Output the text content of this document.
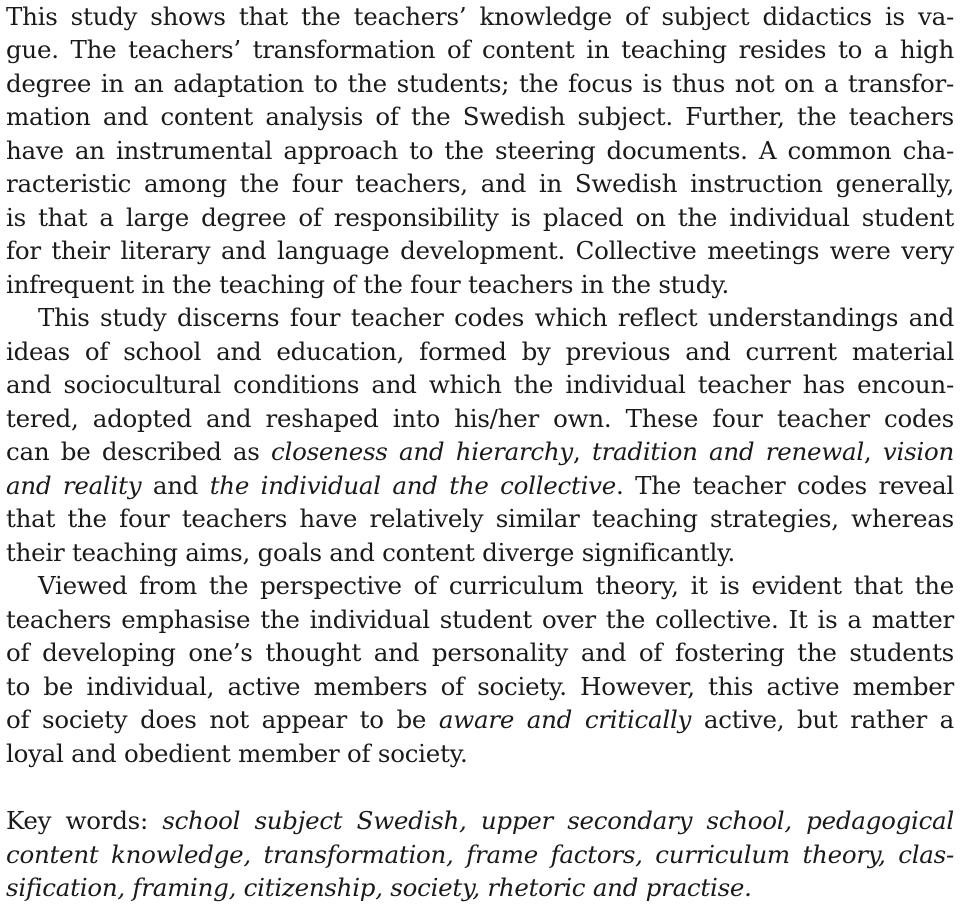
This study shows that the teachers’ knowledge of subject didactics is va-
gue. The teachers’ transformation of content in teaching resides to a high
degree in an adaptation to the students; the focus is thus not on a transfor-
mation and content analysis of the Swedish subject. Further, the teachers
have an instrumental approach to the steering documents. A common cha-
racteristic among the four teachers, and in Swedish instruction generally,
is that a large degree of responsibility is placed on the individual student
for their literary and language development. Collective meetings were very
infrequent in the teaching of the four teachers in the study.
This study discerns four teacher codes which reflect understandings and
ideas of school and education, formed by previous and current material
and sociocultural conditions and which the individual teacher has encoun-
tered, adopted and reshaped into his/her own. These four teacher codes
can be described as closeness and hierarchy, tradition and renewal, vision
and reality and the individual and the collective. The teacher codes reveal
that the four teachers have relatively similar teaching strategies, whereas
their teaching aims, goals and content diverge significantly.
Viewed from the perspective of curriculum theory, it is evident that the
teachers emphasise the individual student over the collective. It is a matter
of developing one’s thought and personality and of fostering the students
to be individual, active members of society. However, this active member
of society does not appear to be aware and critically active, but rather a
loyal and obedient member of society.
Key words: school subject Swedish, upper secondary school, pedagogical
content knowledge, transformation, frame factors, curriculum theory, clas-
sification, framing, citizenship, society, rhetoric and practise.
